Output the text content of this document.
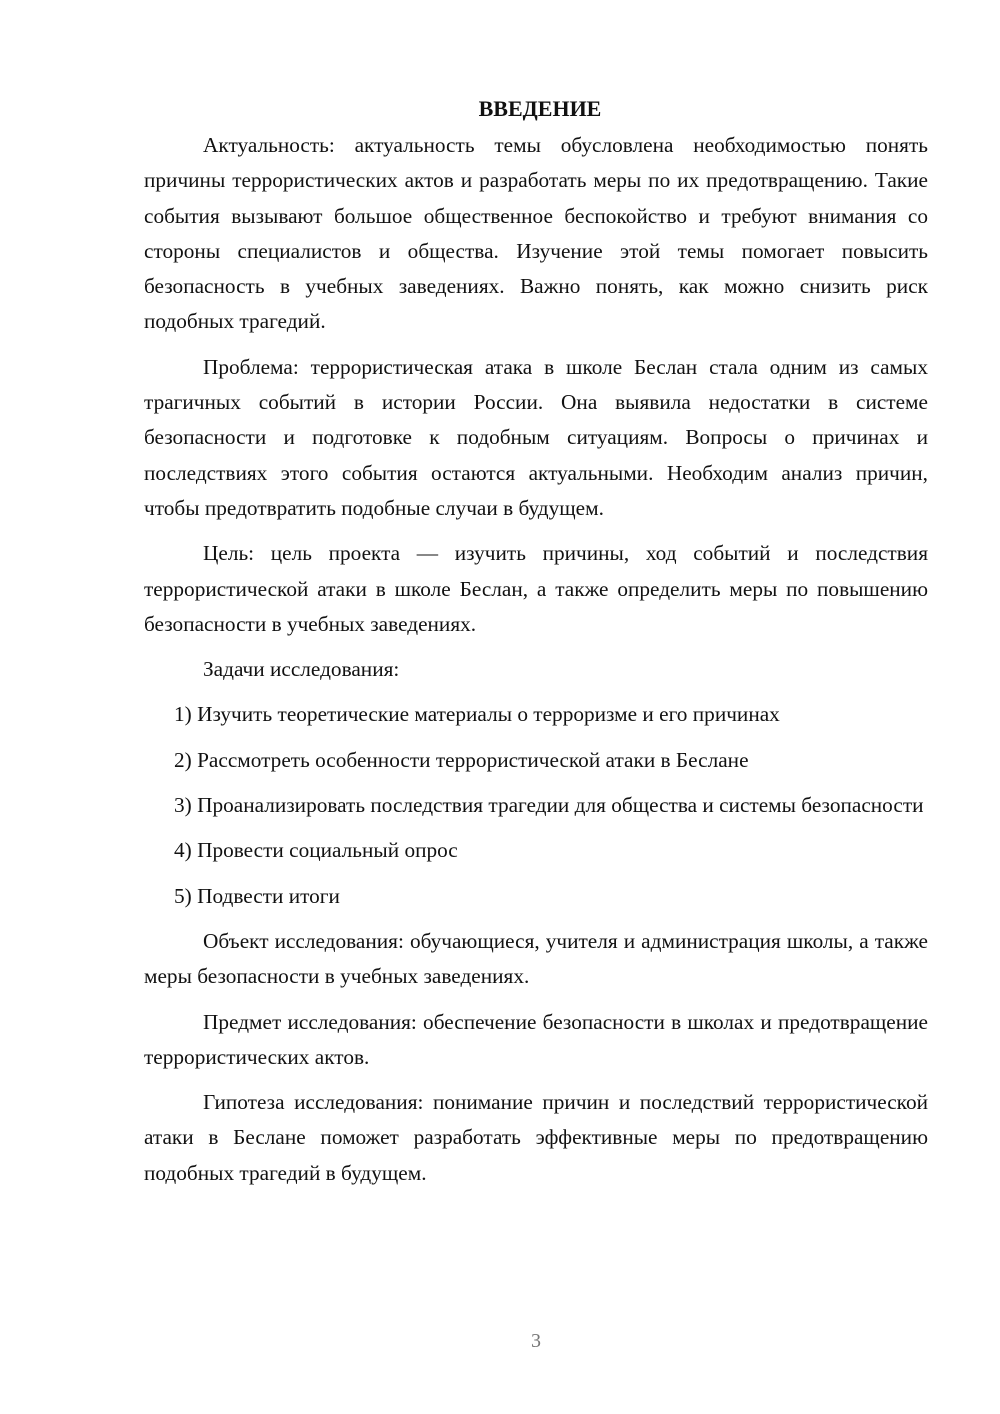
ВВЕДЕНИЕ

Актуальность: актуальность темы обусловлена необходимостью понять причины террористических актов и разработать меры по их предотвращению. Такие события вызывают большое общественное беспокойство и требуют внимания со стороны специалистов и общества. Изучение этой темы помогает повысить безопасность в учебных заведениях. Важно понять, как можно снизить риск подобных трагедий.

Проблема: террористическая атака в школе Беслан стала одним из самых трагичных событий в истории России. Она выявила недостатки в системе безопасности и подготовке к подобным ситуациям. Вопросы о причинах и последствиях этого события остаются актуальными. Необходим анализ причин, чтобы предотвратить подобные случаи в будущем.

Цель: цель проекта — изучить причины, ход событий и последствия террористической атаки в школе Беслан, а также определить меры по повышению безопасности в учебных заведениях.

Задачи исследования:

1) Изучить теоретические материалы о терроризме и его причинах

2) Рассмотреть особенности террористической атаки в Беслане

3) Проанализировать последствия трагедии для общества и системы безопасности

4) Провести социальный опрос

5) Подвести итоги

Объект исследования: обучающиеся, учителя и администрация школы, а также меры безопасности в учебных заведениях.

Предмет исследования: обеспечение безопасности в школах и предотвращение террористических актов.

Гипотеза исследования: понимание причин и последствий террористической атаки в Беслане поможет разработать эффективные меры по предотвращению подобных трагедий в будущем.

3
